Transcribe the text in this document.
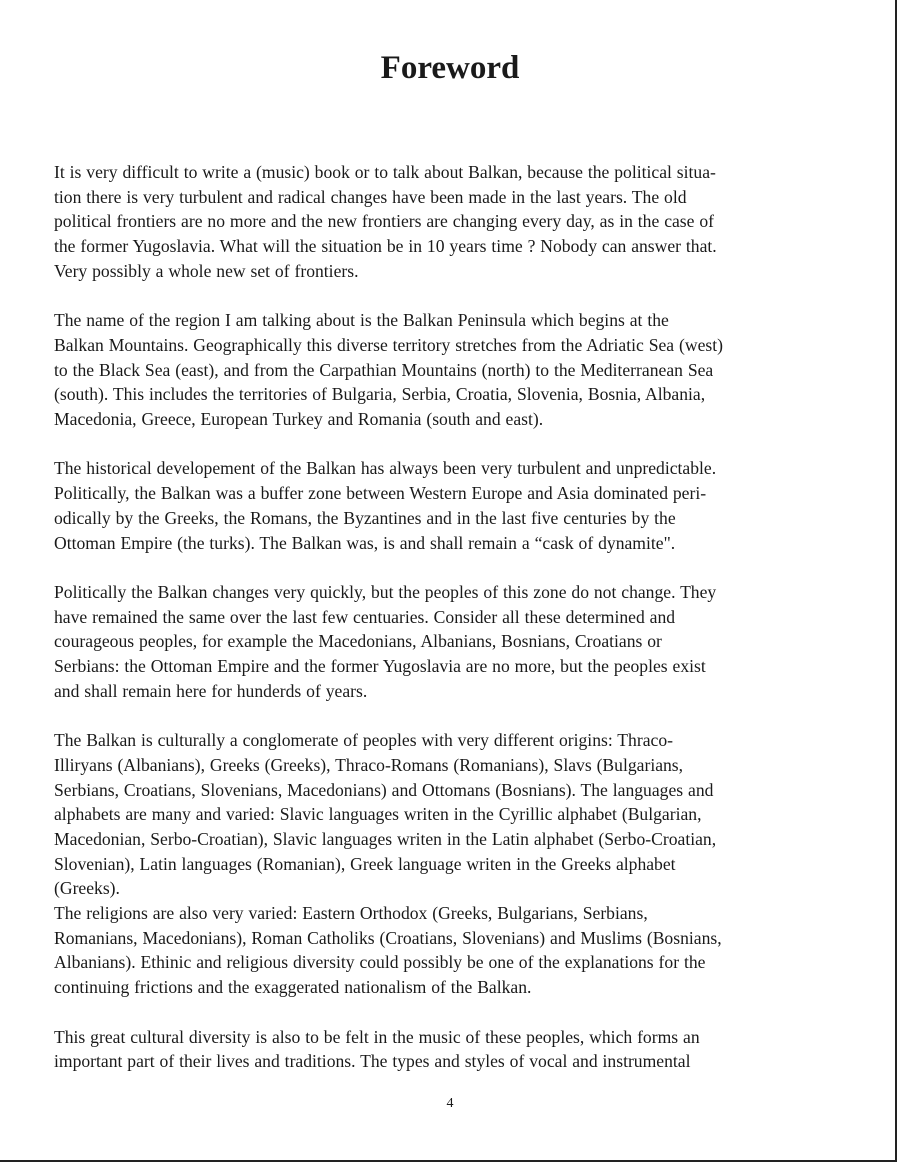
Foreword

It is very difficult to write a (music) book or to talk about Balkan, because the political situa-
tion there is very turbulent and radical changes have been made in the last years. The old
political frontiers are no more and the new frontiers are changing every day, as in the case of
the former Yugoslavia. What will the situation be in 10 years time ? Nobody can answer that.
Very possibly a whole new set of frontiers.

The name of the region I am talking about is the Balkan Peninsula which begins at the
Balkan Mountains. Geographically this diverse territory stretches from the Adriatic Sea (west)
to the Black Sea (east), and from the Carpathian Mountains (north) to the Mediterranean Sea
(south). This includes the territories of Bulgaria, Serbia, Croatia, Slovenia, Bosnia, Albania,
Macedonia, Greece, European Turkey and Romania (south and east).

The historical developement of the Balkan has always been very turbulent and unpredictable.
Politically, the Balkan was a buffer zone between Western Europe and Asia dominated peri-
odically by the Greeks, the Romans, the Byzantines and in the last five centuries by the
Ottoman Empire (the turks). The Balkan was, is and shall remain a “cask of dynamite".

Politically the Balkan changes very quickly, but the peoples of this zone do not change. They
have remained the same over the last few centuaries. Consider all these determined and
courageous peoples, for example the Macedonians, Albanians, Bosnians, Croatians or
Serbians: the Ottoman Empire and the former Yugoslavia are no more, but the peoples exist
and shall remain here for hunderds of years.

The Balkan is culturally a conglomerate of peoples with very different origins: Thraco-
Illiryans (Albanians), Greeks (Greeks), Thraco-Romans (Romanians), Slavs (Bulgarians,
Serbians, Croatians, Slovenians, Macedonians) and Ottomans (Bosnians). The languages and
alphabets are many and varied: Slavic languages writen in the Cyrillic alphabet (Bulgarian,
Macedonian, Serbo-Croatian), Slavic languages writen in the Latin alphabet (Serbo-Croatian,
Slovenian), Latin languages (Romanian), Greek language writen in the Greeks alphabet
(Greeks).

The religions are also very varied: Eastern Orthodox (Greeks, Bulgarians, Serbians,
Romanians, Macedonians), Roman Catholiks (Croatians, Slovenians) and Muslims (Bosnians,
Albanians). Ethinic and religious diversity could possibly be one of the explanations for the
continuing frictions and the exaggerated nationalism of the Balkan.

This great cultural diversity is also to be felt in the music of these peoples, which forms an
important part of their lives and traditions. The types and styles of vocal and instrumental

4
